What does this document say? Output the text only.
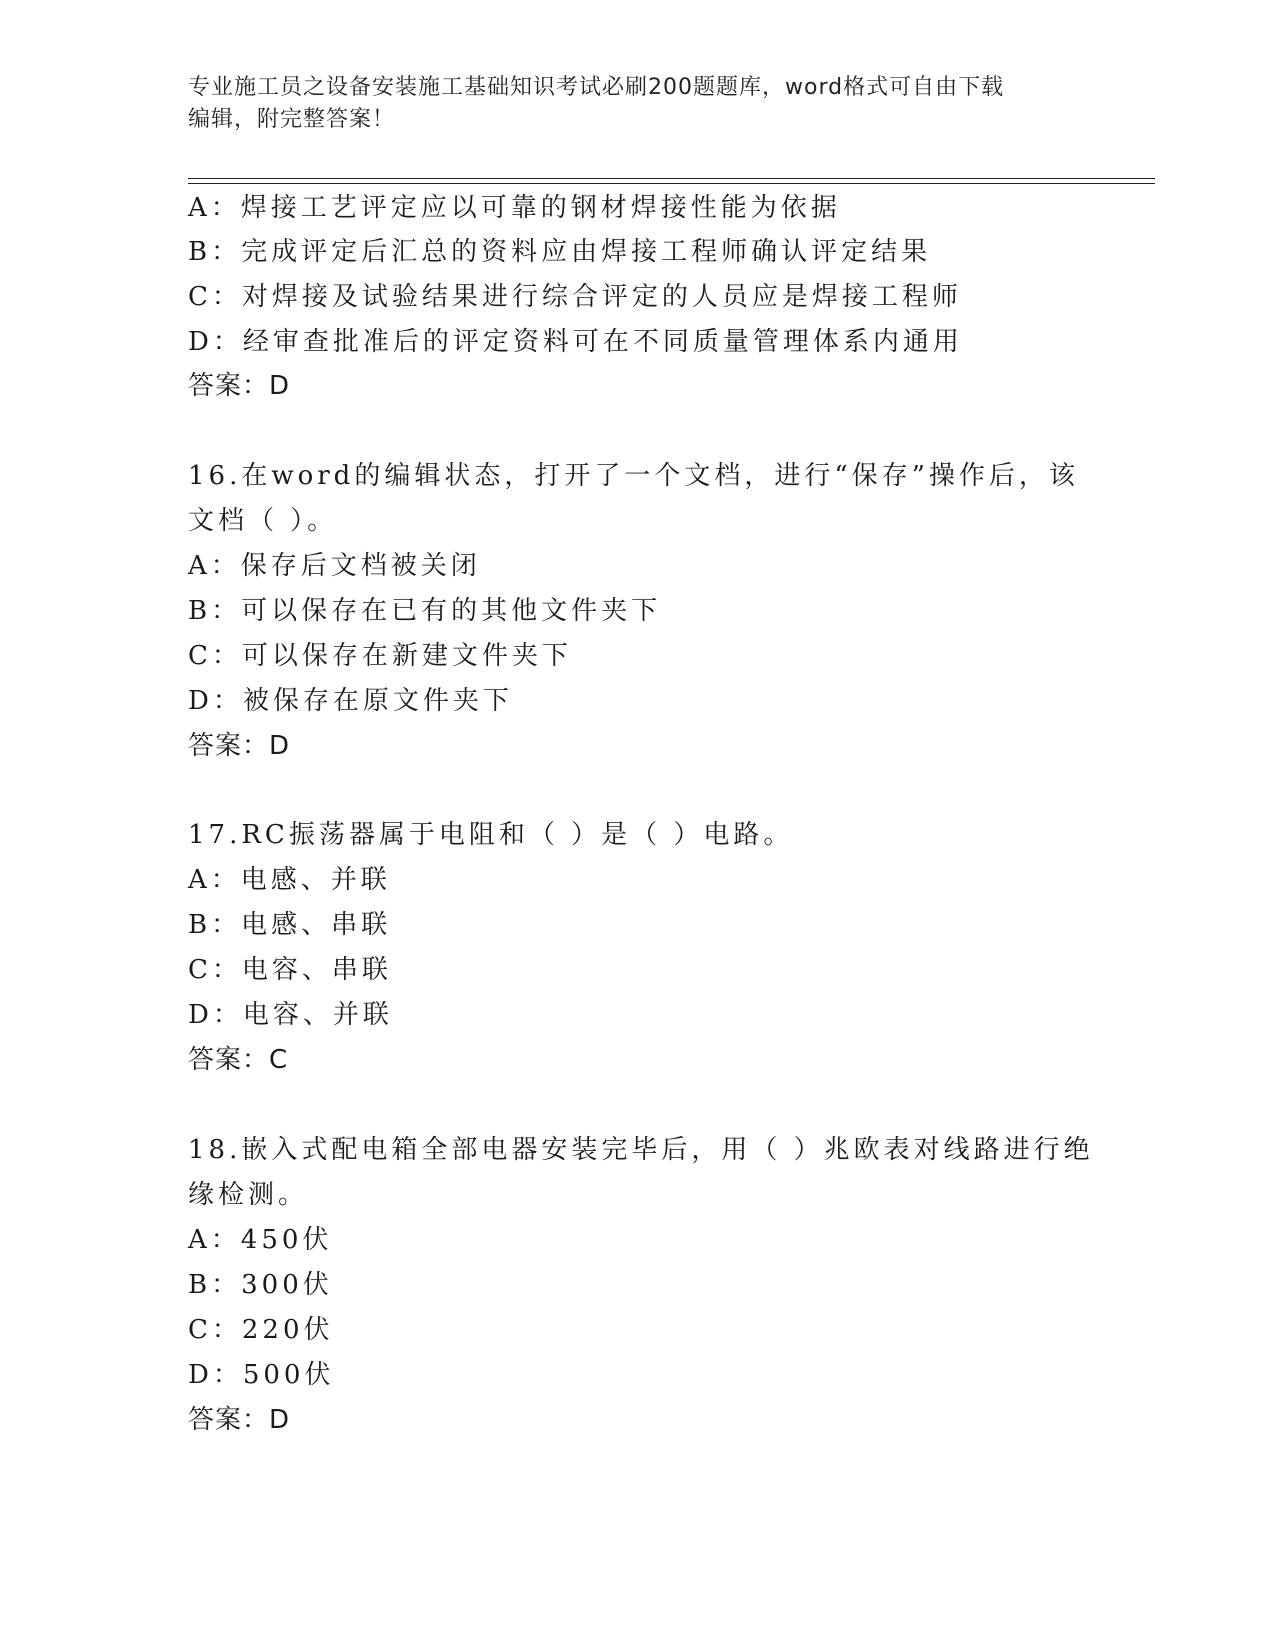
专业施工员之设备安装施工基础知识考试必刷200题题库，word格式可自由下载
编辑，附完整答案！
A：焊接工艺评定应以可靠的钢材焊接性能为依据
B：完成评定后汇总的资料应由焊接工程师确认评定结果
C：对焊接及试验结果进行综合评定的人员应是焊接工程师
D：经审查批准后的评定资料可在不同质量管理体系内通用
答案：D
16.在word的编辑状态，打开了一个文档，进行“保存”操作后，该
文档（ ）。
A：保存后文档被关闭
B：可以保存在已有的其他文件夹下
C：可以保存在新建文件夹下
D：被保存在原文件夹下
答案：D
17.RC振荡器属于电阻和（ ）是（ ）电路。
A：电感、并联
B：电感、串联
C：电容、串联
D：电容、并联
答案：C
18.嵌入式配电箱全部电器安装完毕后，用（ ）兆欧表对线路进行绝
缘检测。
A：450伏
B：300伏
C：220伏
D：500伏
答案：D
